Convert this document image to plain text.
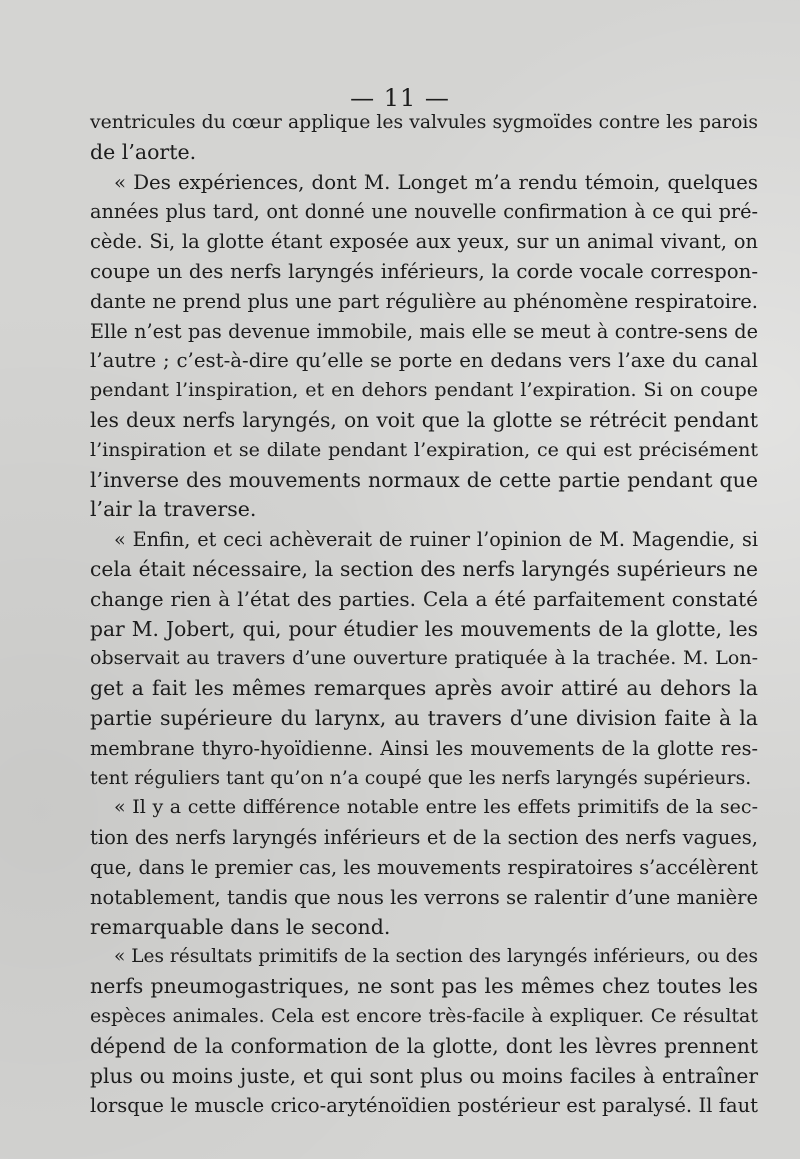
— 11 —
ventricules du cœur applique les valvules sygmoïdes contre les parois
de l’aorte.
« Des expériences, dont M. Longet m’a rendu témoin, quelques
années plus tard, ont donné une nouvelle confirmation à ce qui pré-
cède. Si, la glotte étant exposée aux yeux, sur un animal vivant, on
coupe un des nerfs laryngés inférieurs, la corde vocale correspon-
dante ne prend plus une part régulière au phénomène respiratoire.
Elle n’est pas devenue immobile, mais elle se meut à contre-sens de
l’autre ; c’est-à-dire qu’elle se porte en dedans vers l’axe du canal
pendant l’inspiration, et en dehors pendant l’expiration. Si on coupe
les deux nerfs laryngés, on voit que la glotte se rétrécit pendant
l’inspiration et se dilate pendant l’expiration, ce qui est précisément
l’inverse des mouvements normaux de cette partie pendant que
l’air la traverse.
« Enfin, et ceci achèverait de ruiner l’opinion de M. Magendie, si
cela était nécessaire, la section des nerfs laryngés supérieurs ne
change rien à l’état des parties. Cela a été parfaitement constaté
par M. Jobert, qui, pour étudier les mouvements de la glotte, les
observait au travers d’une ouverture pratiquée à la trachée. M. Lon-
get a fait les mêmes remarques après avoir attiré au dehors la
partie supérieure du larynx, au travers d’une division faite à la
membrane thyro-hyoïdienne. Ainsi les mouvements de la glotte res-
tent réguliers tant qu’on n’a coupé que les nerfs laryngés supérieurs.
« Il y a cette différence notable entre les effets primitifs de la sec-
tion des nerfs laryngés inférieurs et de la section des nerfs vagues,
que, dans le premier cas, les mouvements respiratoires s’accélèrent
notablement, tandis que nous les verrons se ralentir d’une manière
remarquable dans le second.
« Les résultats primitifs de la section des laryngés inférieurs, ou des
nerfs pneumogastriques, ne sont pas les mêmes chez toutes les
espèces animales. Cela est encore très-facile à expliquer. Ce résultat
dépend de la conformation de la glotte, dont les lèvres prennent
plus ou moins juste, et qui sont plus ou moins faciles à entraîner
lorsque le muscle crico-aryténoïdien postérieur est paralysé. Il faut
